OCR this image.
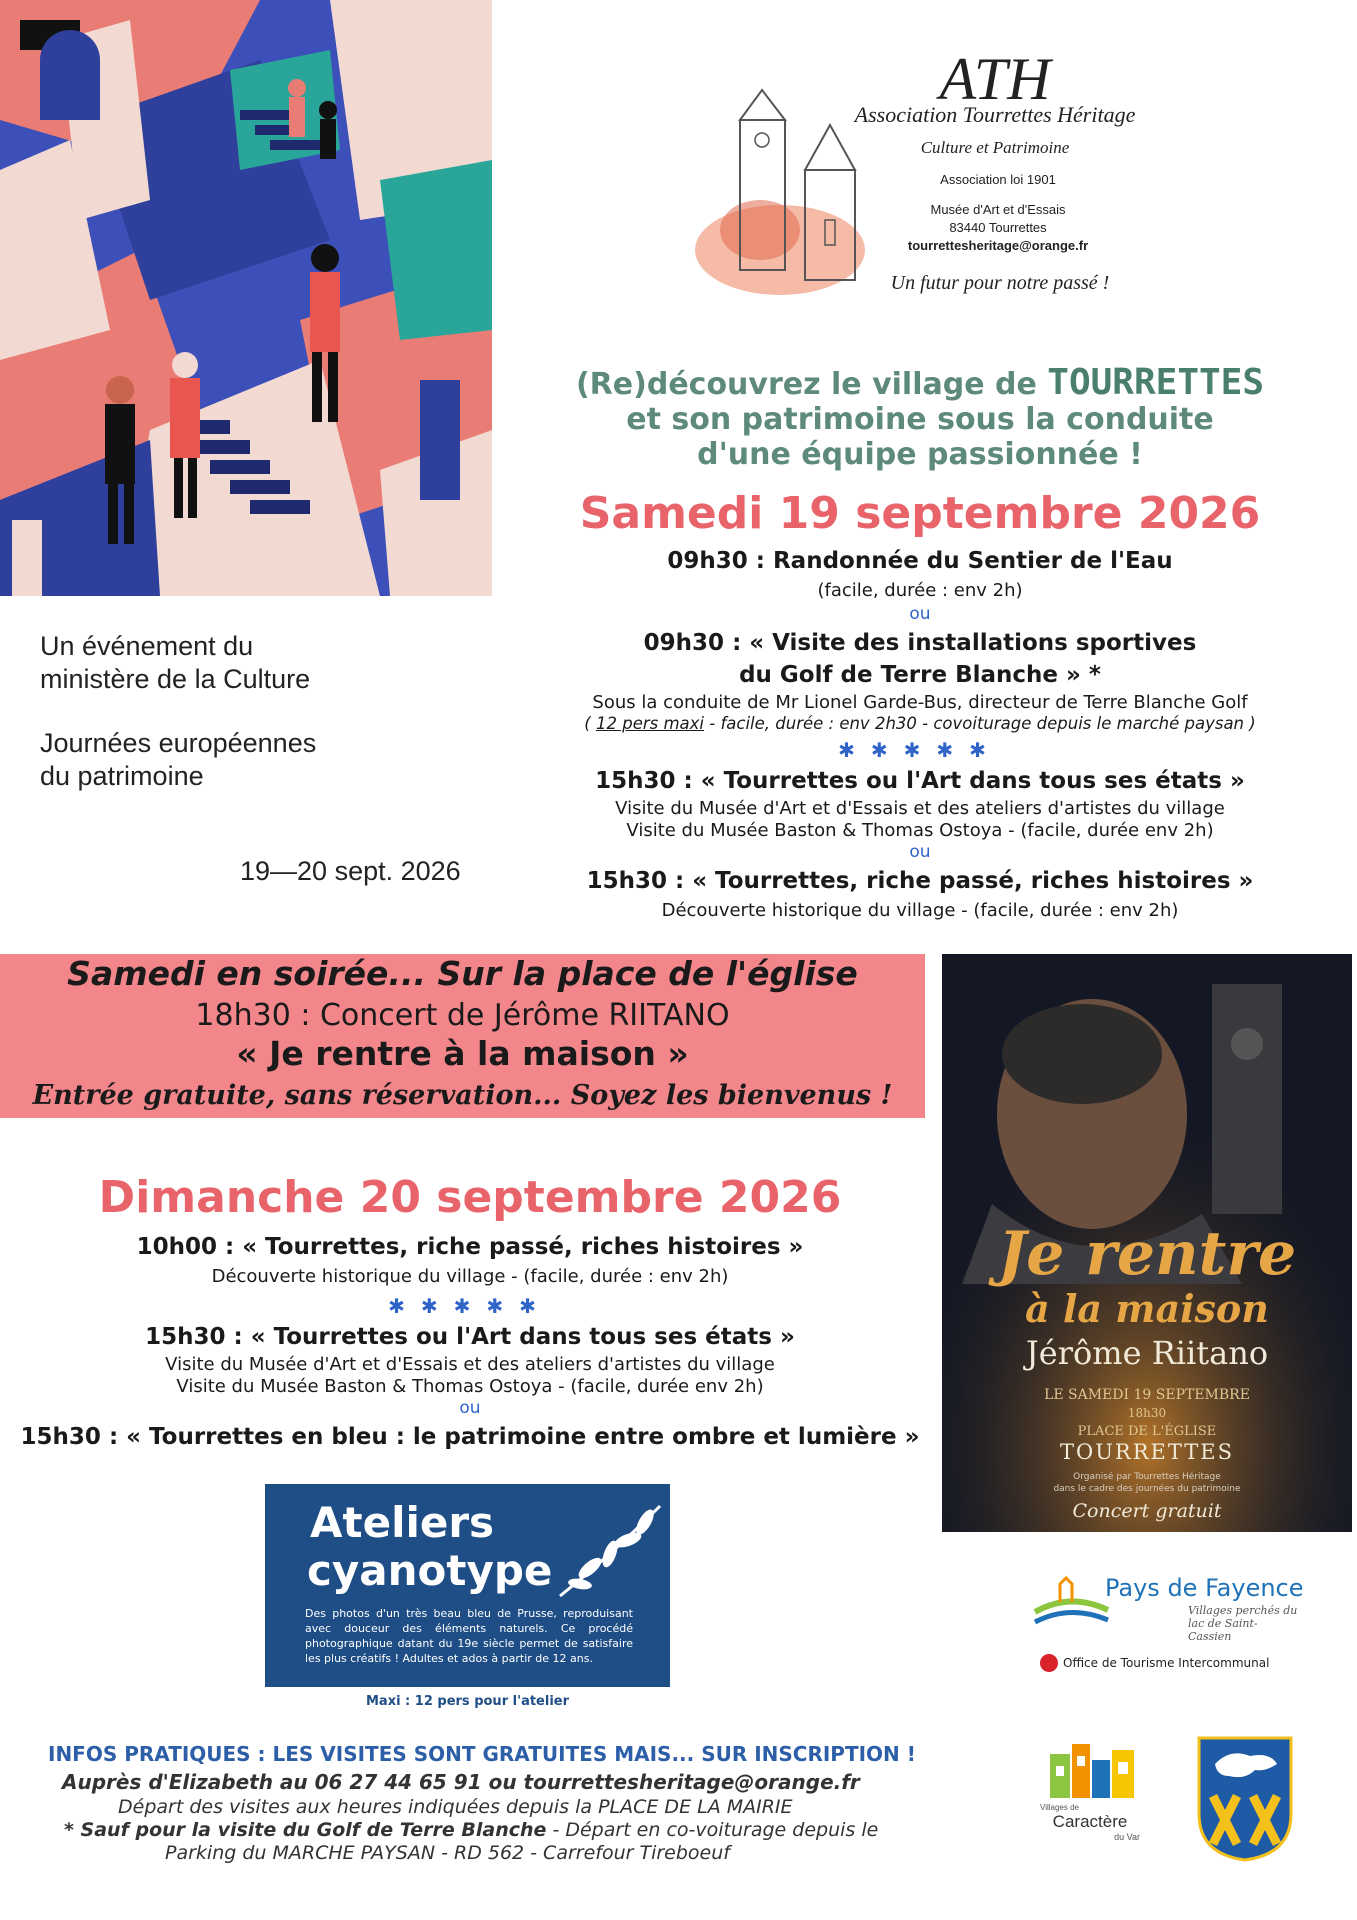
Un événement du
ministère de la Culture
Journées européennes
du patrimoine
19—20 sept. 2026
ATH
Association Tourrettes Héritage
Culture et Patrimoine
Association loi 1901
Musée d'Art et d'Essais
83440 Tourrettes
tourrettesheritage@orange.fr
Un futur pour notre passé !
(Re)découvrez le village de TOURRETTES
et son patrimoine sous la conduite
d'une équipe passionnée !
Samedi 19 septembre 2026
09h30 : Randonnée du Sentier de l'Eau
(facile, durée : env 2h)
ou
09h30 : « Visite des installations sportives
du Golf de Terre Blanche » *
Sous la conduite de Mr Lionel Garde-Bus, directeur de Terre Blanche Golf
( 12 pers maxi - facile, durée : env 2h30 - covoiturage depuis le marché paysan )
✱✱✱✱✱
15h30 : « Tourrettes ou l'Art dans tous ses états »
Visite du Musée d'Art et d'Essais et des ateliers d'artistes du village
Visite du Musée Baston & Thomas Ostoya - (facile, durée env 2h)
ou
15h30 : « Tourrettes, riche passé, riches histoires »
Découverte historique du village - (facile, durée : env 2h)
Samedi en soirée... Sur la place de l'église
18h30 : Concert de Jérôme RIITANO
« Je rentre à la maison »
Entrée gratuite, sans réservation... Soyez les bienvenus !
Je rentre
à la maison
Jérôme Riitano
LE SAMEDI 19 SEPTEMBRE
18h30
PLACE DE L'ÉGLISE
TOURRETTES
Organisé par Tourrettes Héritage
dans le cadre des journées du patrimoine
Concert gratuit
Dimanche 20 septembre 2026
10h00 : « Tourrettes, riche passé, riches histoires »
Découverte historique du village - (facile, durée : env 2h)
✱✱✱✱✱
15h30 : « Tourrettes ou l'Art dans tous ses états »
Visite du Musée d'Art et d'Essais et des ateliers d'artistes du village
Visite du Musée Baston & Thomas Ostoya - (facile, durée env 2h)
ou
15h30 : « Tourrettes en bleu : le patrimoine entre ombre et lumière »
Ateliers
cyanotype
Des photos d'un très beau bleu de Prusse, reproduisant avec douceur des éléments naturels. Ce procédé photographique datant du 19e siècle permet de satisfaire les plus créatifs ! Adultes et ados à partir de 12 ans.
Maxi : 12 pers pour l'atelier
INFOS PRATIQUES : LES VISITES SONT GRATUITES MAIS... SUR INSCRIPTION !
Auprès d'Elizabeth au 06 27 44 65 91 ou tourrettesheritage@orange.fr
Départ des visites aux heures indiquées depuis la PLACE DE LA MAIRIE
* Sauf pour la visite du Golf de Terre Blanche - Départ en co-voiturage depuis le
Parking du MARCHE PAYSAN - RD 562 - Carrefour Tireboeuf
Pays de Fayence
Villages perchés du lac de Saint-Cassien
Office de Tourisme Intercommunal
Villages de
Caractère
du Var
